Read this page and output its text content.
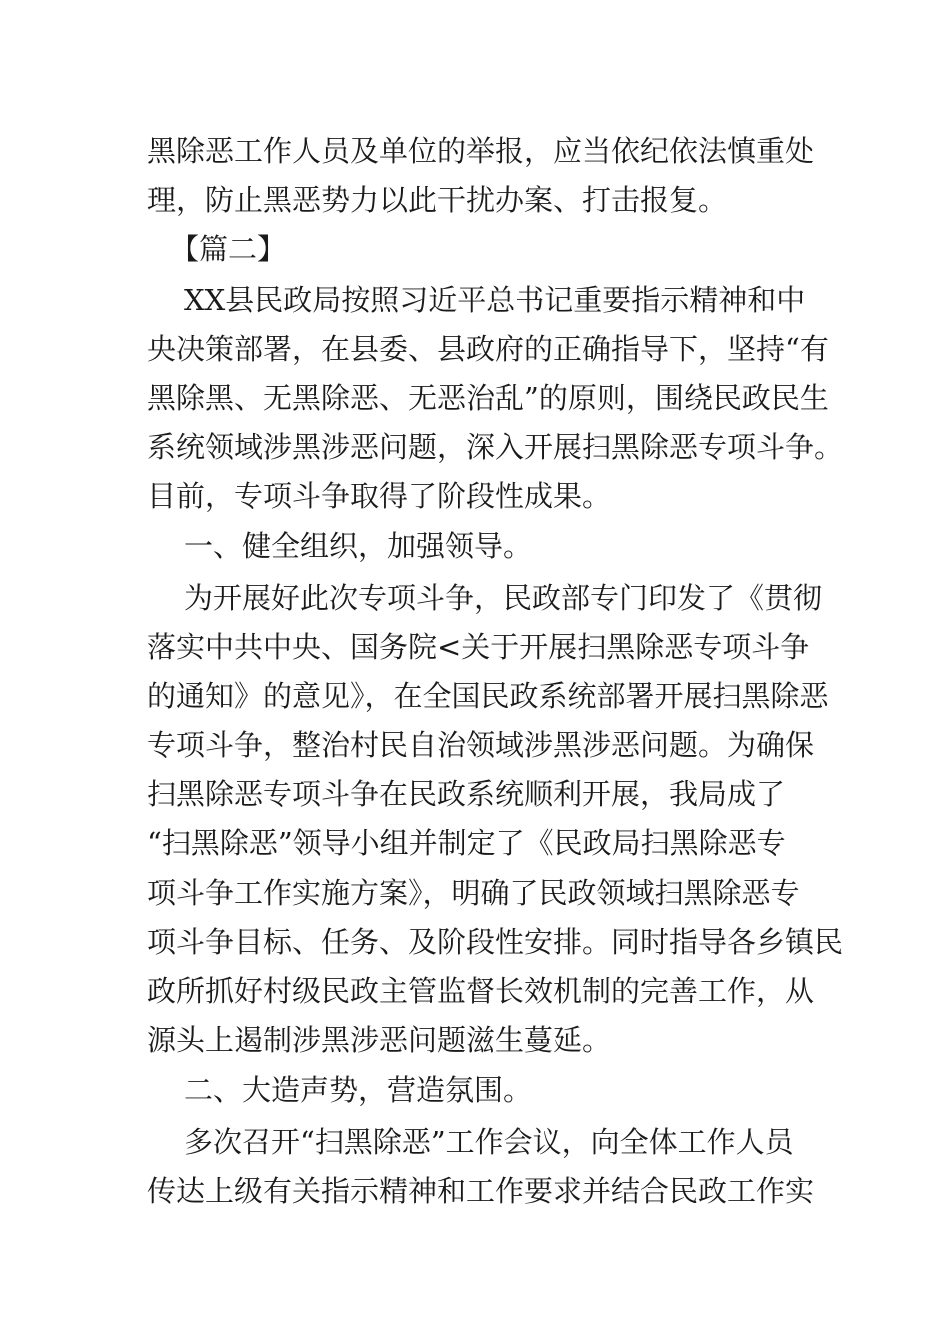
黑除恶工作人员及单位的举报，应当依纪依法慎重处
理，防止黑恶势力以此干扰办案、打击报复。
【篇二】
XX县民政局按照习近平总书记重要指示精神和中
央决策部署，在县委、县政府的正确指导下，坚持“有
黑除黑、无黑除恶、无恶治乱”的原则，围绕民政民生
系统领域涉黑涉恶问题，深入开展扫黑除恶专项斗争。
目前，专项斗争取得了阶段性成果。
一、健全组织，加强领导。
为开展好此次专项斗争，民政部专门印发了《贯彻
落实中共中央、国务院<关于开展扫黑除恶专项斗争
的通知》的意见》，在全国民政系统部署开展扫黑除恶
专项斗争，整治村民自治领域涉黑涉恶问题。为确保
扫黑除恶专项斗争在民政系统顺利开展，我局成了
“扫黑除恶”领导小组并制定了《民政局扫黑除恶专
项斗争工作实施方案》，明确了民政领域扫黑除恶专
项斗争目标、任务、及阶段性安排。同时指导各乡镇民
政所抓好村级民政主管监督长效机制的完善工作，从
源头上遏制涉黑涉恶问题滋生蔓延。
二、大造声势，营造氛围。
多次召开“扫黑除恶”工作会议，向全体工作人员
传达上级有关指示精神和工作要求并结合民政工作实
